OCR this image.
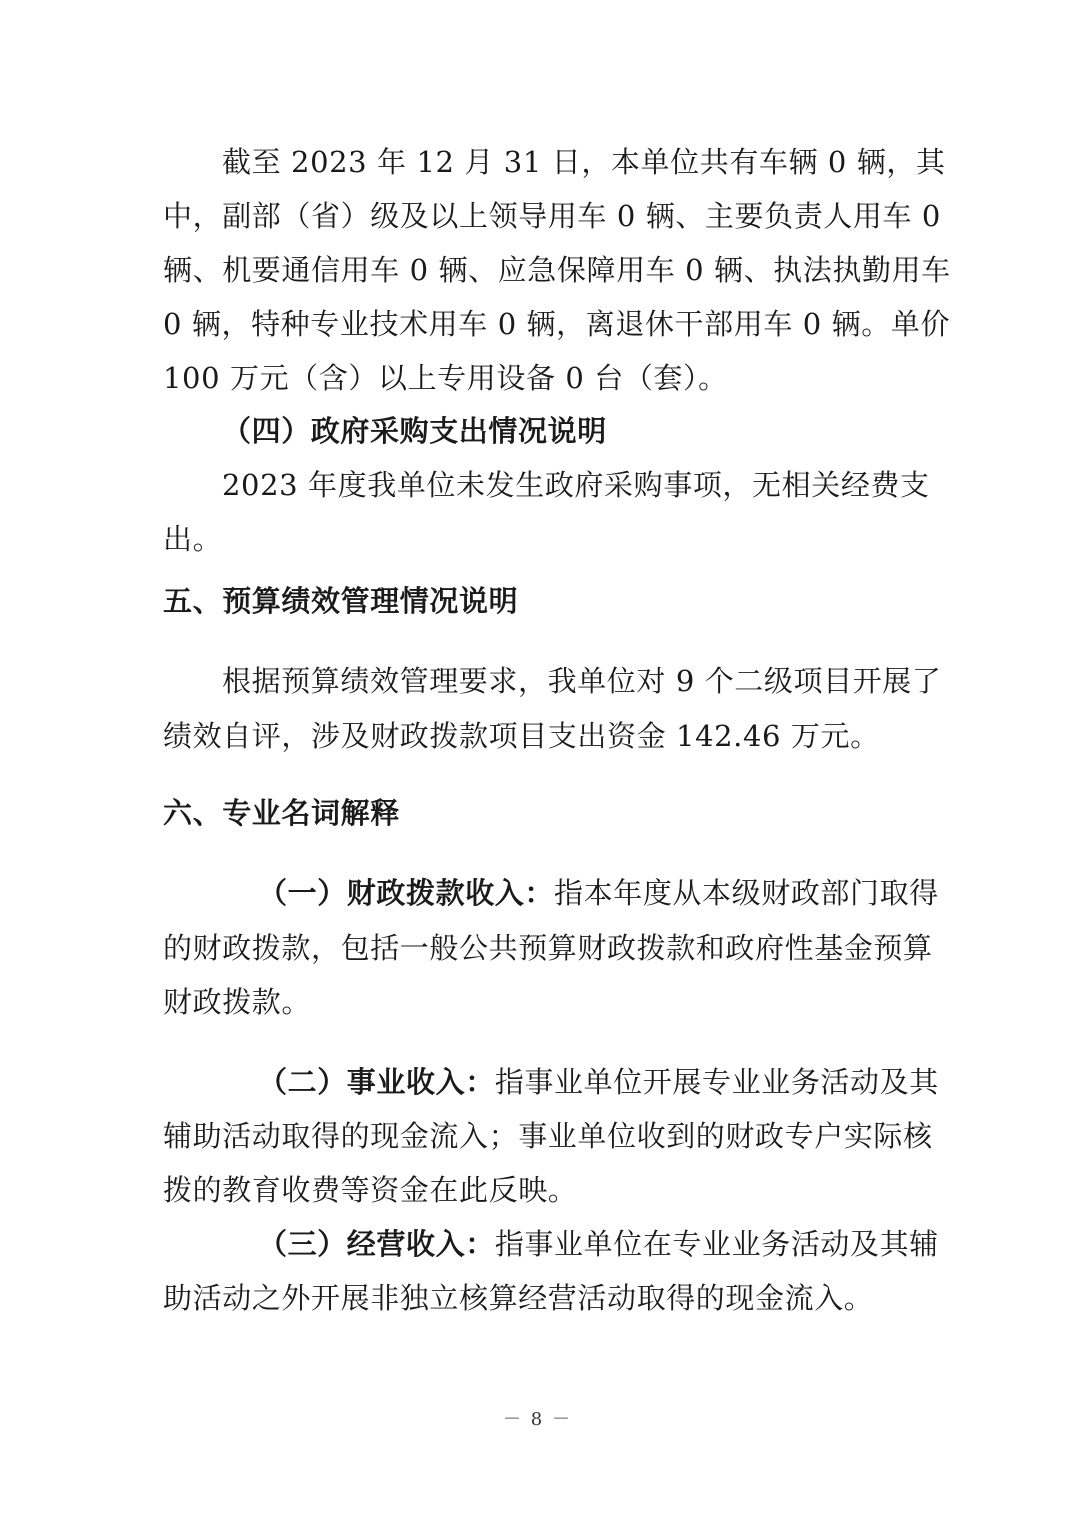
截至 2023 年 12 月 31 日，本单位共有车辆 0 辆，其
中，副部（省）级及以上领导用车 0 辆、主要负责人用车 0
辆、机要通信用车 0 辆、应急保障用车 0 辆、执法执勤用车
0 辆，特种专业技术用车 0 辆，离退休干部用车 0 辆。单价
100 万元（含）以上专用设备 0 台（套）。
（四）政府采购支出情况说明
2023 年度我单位未发生政府采购事项，无相关经费支
出。
五、预算绩效管理情况说明
根据预算绩效管理要求，我单位对 9 个二级项目开展了
绩效自评，涉及财政拨款项目支出资金 142.46 万元。
六、专业名词解释
（一）财政拨款收入：指本年度从本级财政部门取得
的财政拨款，包括一般公共预算财政拨款和政府性基金预算
财政拨款。
（二）事业收入：指事业单位开展专业业务活动及其
辅助活动取得的现金流入；事业单位收到的财政专户实际核
拨的教育收费等资金在此反映。
（三）经营收入：指事业单位在专业业务活动及其辅
助活动之外开展非独立核算经营活动取得的现金流入。
－ 8 －
